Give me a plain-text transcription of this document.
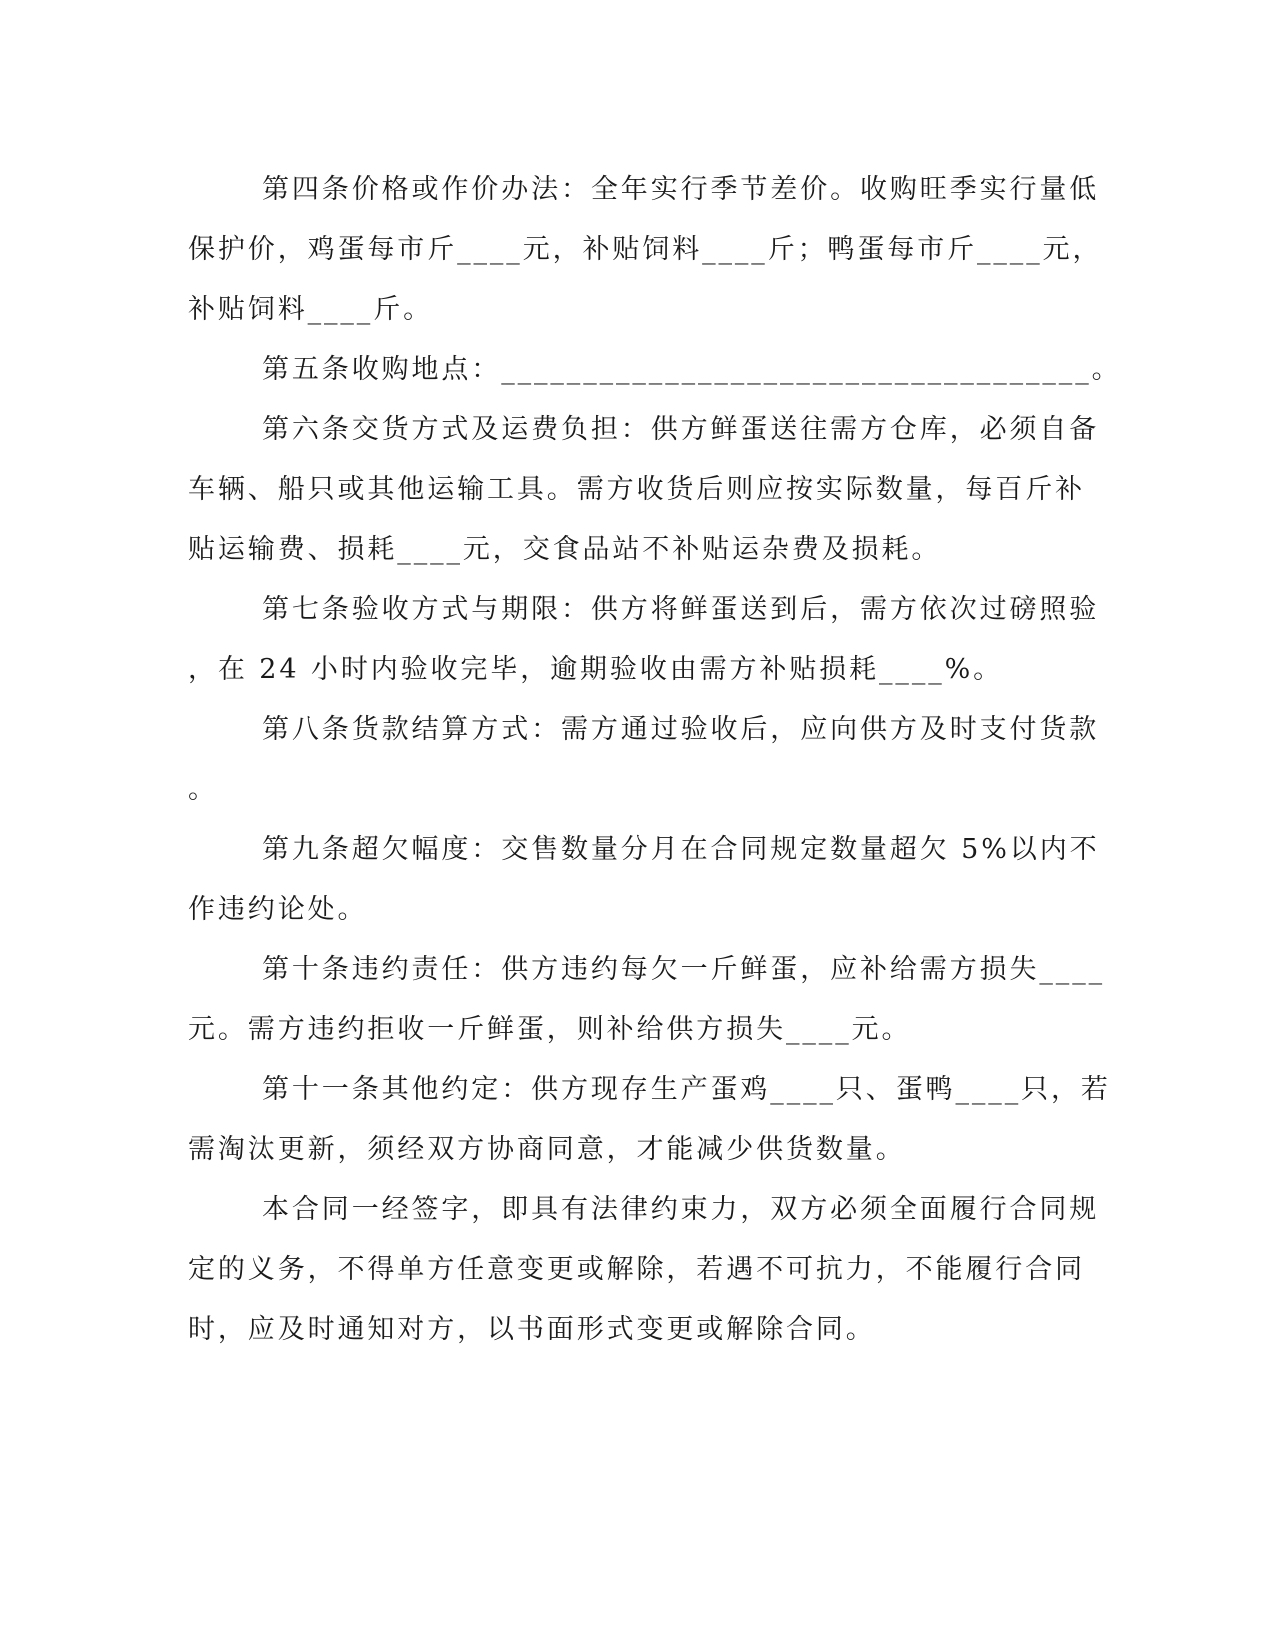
第四条价格或作价办法：全年实行季节差价。收购旺季实行量低
保护价，鸡蛋每市斤____元，补贴饲料____斤；鸭蛋每市斤____元，
补贴饲料____斤。
第五条收购地点：____________________________________。
第六条交货方式及运费负担：供方鲜蛋送往需方仓库，必须自备
车辆、船只或其他运输工具。需方收货后则应按实际数量，每百斤补
贴运输费、损耗____元，交食品站不补贴运杂费及损耗。
第七条验收方式与期限：供方将鲜蛋送到后，需方依次过磅照验
，在 24 小时内验收完毕，逾期验收由需方补贴损耗____%。
第八条货款结算方式：需方通过验收后，应向供方及时支付货款
。
第九条超欠幅度：交售数量分月在合同规定数量超欠 5%以内不
作违约论处。
第十条违约责任：供方违约每欠一斤鲜蛋，应补给需方损失____
元。需方违约拒收一斤鲜蛋，则补给供方损失____元。
第十一条其他约定：供方现存生产蛋鸡____只、蛋鸭____只，若
需淘汰更新，须经双方协商同意，才能减少供货数量。
本合同一经签字，即具有法律约束力，双方必须全面履行合同规
定的义务，不得单方任意变更或解除，若遇不可抗力，不能履行合同
时，应及时通知对方，以书面形式变更或解除合同。
